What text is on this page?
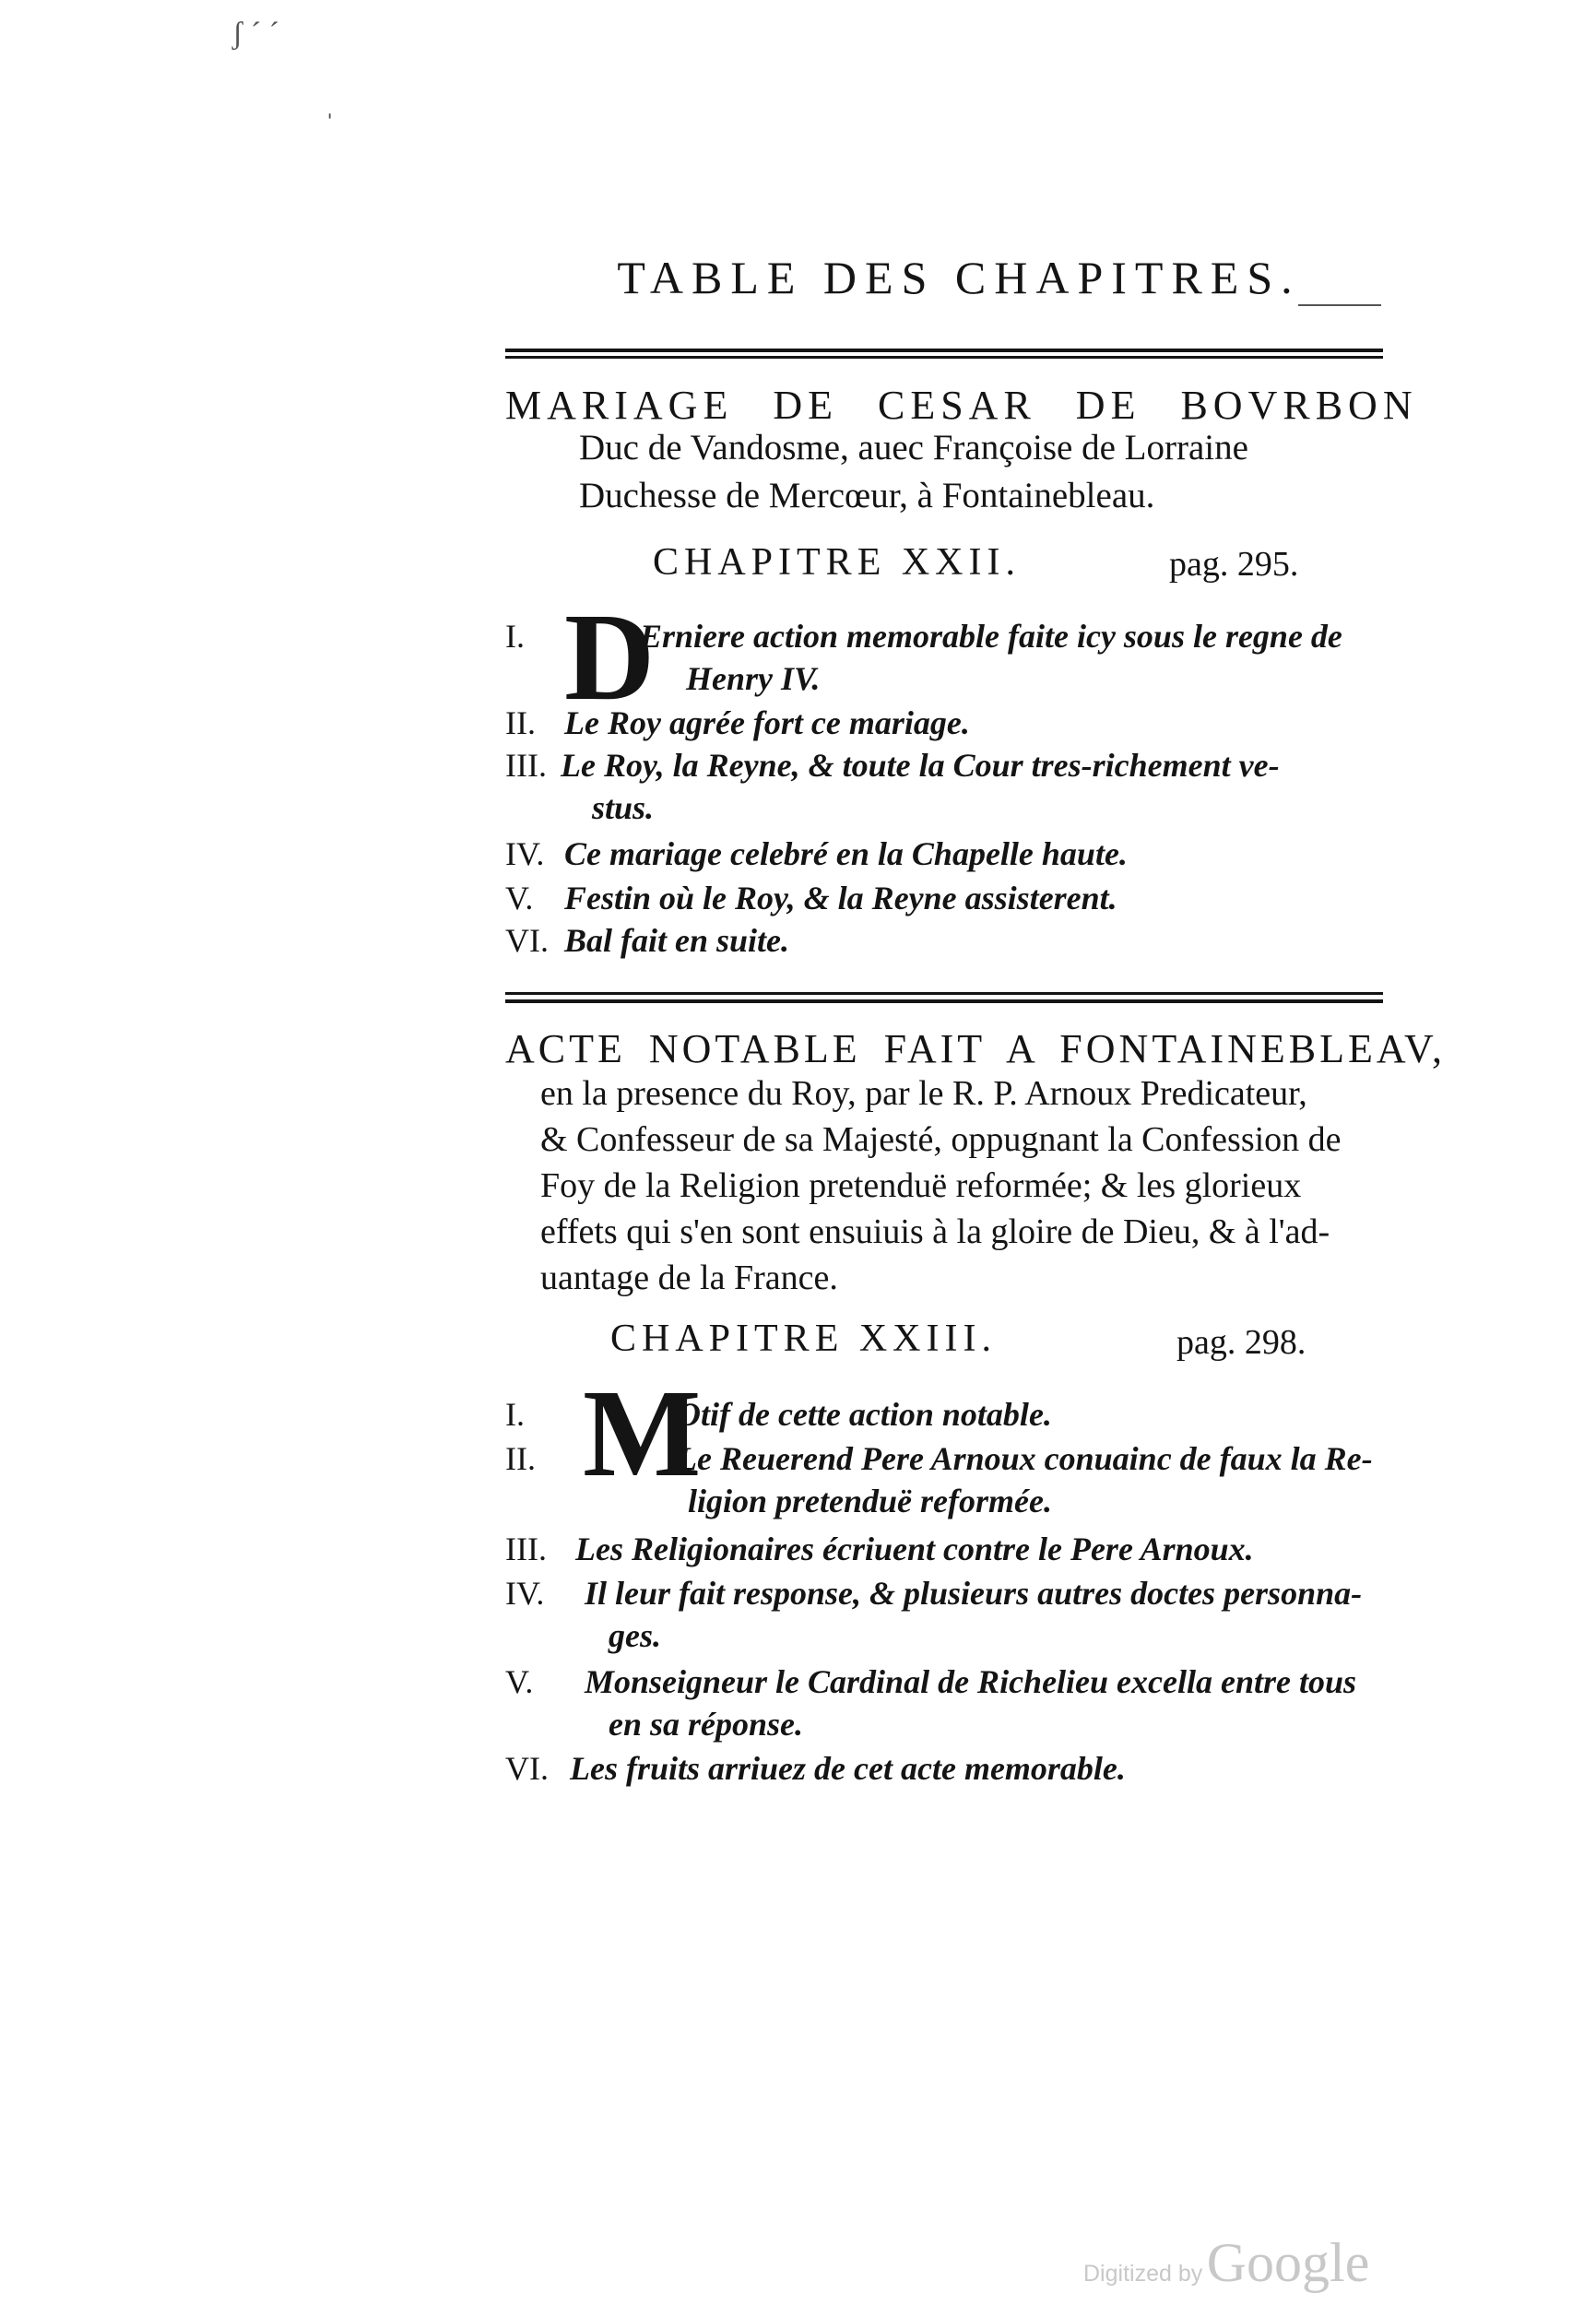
ʃ ˊ ˊ
ˌ
TABLE DES CHAPITRES.
MARIAGE DE CESAR DE BOVRBON
Duc de Vandosme, auec Françoise de Lorraine
Duchesse de Mercœur, à Fontainebleau.
CHAPITRE XXII.	pag. 295.
D
I.	Erniere action memorable faite icy sous le regne de
Henry IV.
II. Le Roy agrée fort ce mariage.
III. Le Roy, la Reyne, & toute la Cour tres-richement ve-
stus.
IV. Ce mariage celebré en la Chapelle haute.
V. Festin où le Roy, & la Reyne assisterent.
VI. Bal fait en suite.
ACTE NOTABLE FAIT A FONTAINEBLEAV,
en la presence du Roy, par le R. P. Arnoux Predicateur,
& Confesseur de sa Majesté, oppugnant la Confession de
Foy de la Religion pretenduë reformée; & les glorieux
effets qui s'en sont ensuiuis à la gloire de Dieu, & à l'ad-
uantage de la France.
CHAPITRE XXIII.	pag. 298.
M
I.	Otif de cette action notable.
II.	Le Reuerend Pere Arnoux conuainc de faux la Re-
ligion pretenduë reformée.
III. Les Religionaires écriuent contre le Pere Arnoux.
IV. Il leur fait response, & plusieurs autres doctes personna-
ges.
V. Monseigneur le Cardinal de Richelieu excella entre tous
en sa réponse.
VI. Les fruits arriuez de cet acte memorable.
Digitized by Google
